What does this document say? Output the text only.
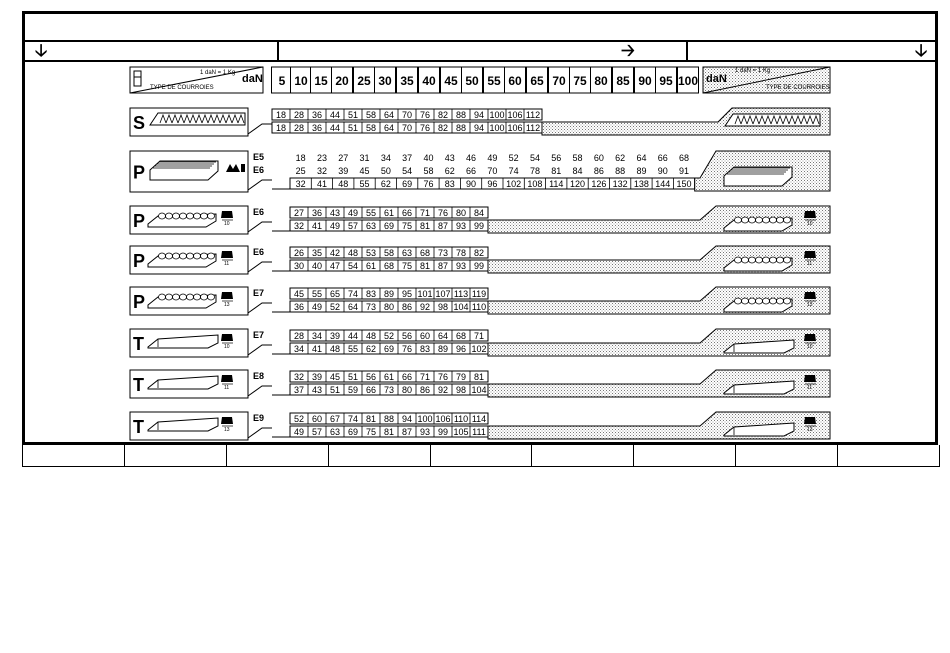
🡣	🡢	🡣
1 daN = 1 Kg daN
TYPE DE COURROIES	5 10 15 20 25 30 35 40 45 50 55 60 65 70 75 80 85 90 95 100
1 daN = 1 Kg
daN
TYPE DE COURROIES
S	18 28 36 44 51 58 64 70 76 82 88 94 100 106 112
18 28 36 44 51 58 64 70 76 82 88 94 100 106 112
P
E5	18 23 27 31 34 37 40 43 46 49 52 54 56 58 60 62 64 66 68
E6	25 32 39 45 50 54 58 62 66 70 74 78 81 84 86 88 89 90 91
32 41 48 55 62 69 76 83 90 96 102 108 114 120 126 132 138 144 150
P	10
E6	27 36 43 49 55 61 66 71 76 80 84
32 41 49 57 63 69 75 81 87 93 99	10
P	11
E6	26 35 42 48 53 58 63 68 73 78 82
30 40 47 54 61 68 75 81 87 93 99	11
P	13
E7	45 55 65 74 83 89 95 101 107 113 119
36 49 52 64 73 80 86 92 98 104 110	13
T	10
E7	28 34 39 44 48 52 56 60 64 68 71
34 41 48 55 62 69 76 83 89 96 102	10
T	11
E8	32 39 45 51 56 61 66 71 76 79 81
37 43 51 59 66 73 80 86 92 98 104	11
T	13
E9	52 60 67 74 81 88 94 100 106 110 114
49 57 63 69 75 81 87 93 99 105 111	13
